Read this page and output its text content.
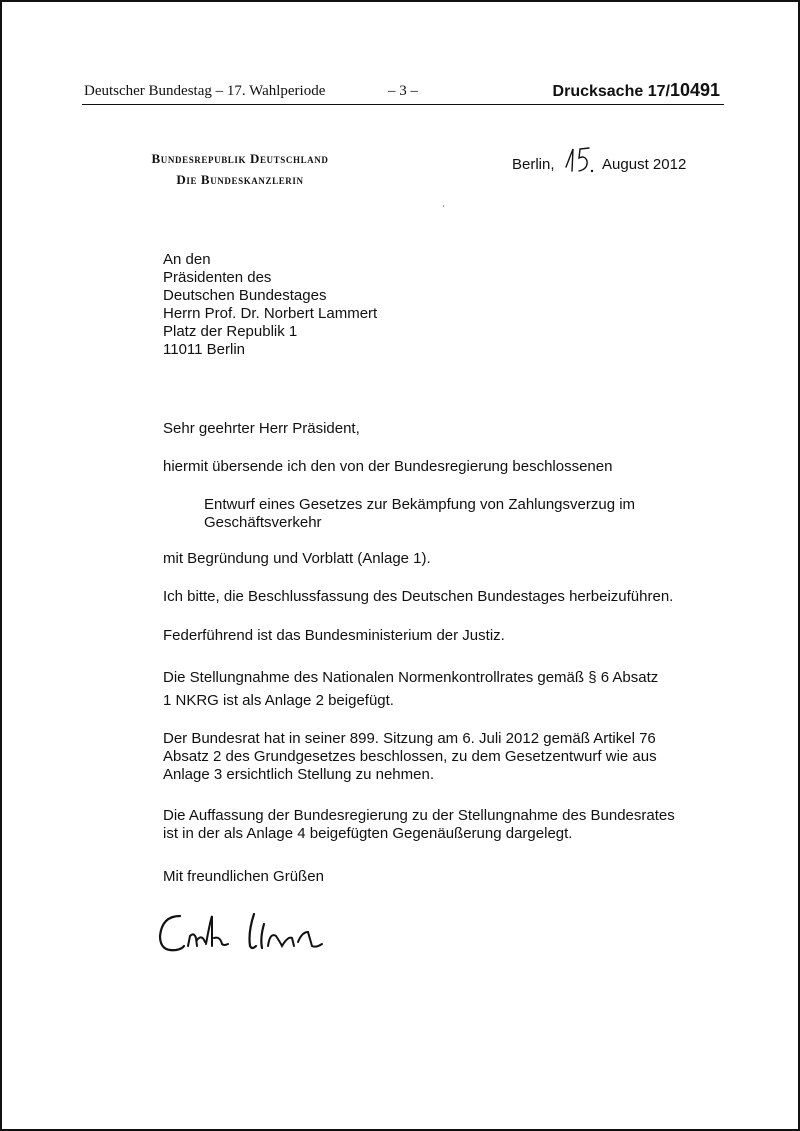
Deutscher Bundestag – 17. Wahlperiode	– 3 –	Drucksache 17/10491
Bundesrepublik Deutschland
Die Bundeskanzlerin
Berlin,	August 2012
An den
Präsidenten des
Deutschen Bundestages
Herrn Prof. Dr. Norbert Lammert
Platz der Republik 1
11011 Berlin
Sehr geehrter Herr Präsident,
hiermit übersende ich den von der Bundesregierung beschlossenen
Entwurf eines Gesetzes zur Bekämpfung von Zahlungsverzug im Geschäftsverkehr
mit Begründung und Vorblatt (Anlage 1).
Ich bitte, die Beschlussfassung des Deutschen Bundestages herbeizuführen.
Federführend ist das Bundesministerium der Justiz.
Die Stellungnahme des Nationalen Normenkontrollrates gemäß § 6 Absatz 1 NKRG ist als Anlage 2 beigefügt.
Der Bundesrat hat in seiner 899. Sitzung am 6. Juli 2012 gemäß Artikel 76 Absatz 2 des Grundgesetzes beschlossen, zu dem Gesetzentwurf wie aus Anlage 3 ersichtlich Stellung zu nehmen.
Die Auffassung der Bundesregierung zu der Stellungnahme des Bundesrates ist in der als Anlage 4 beigefügten Gegenäußerung dargelegt.
Mit freundlichen Grüßen
